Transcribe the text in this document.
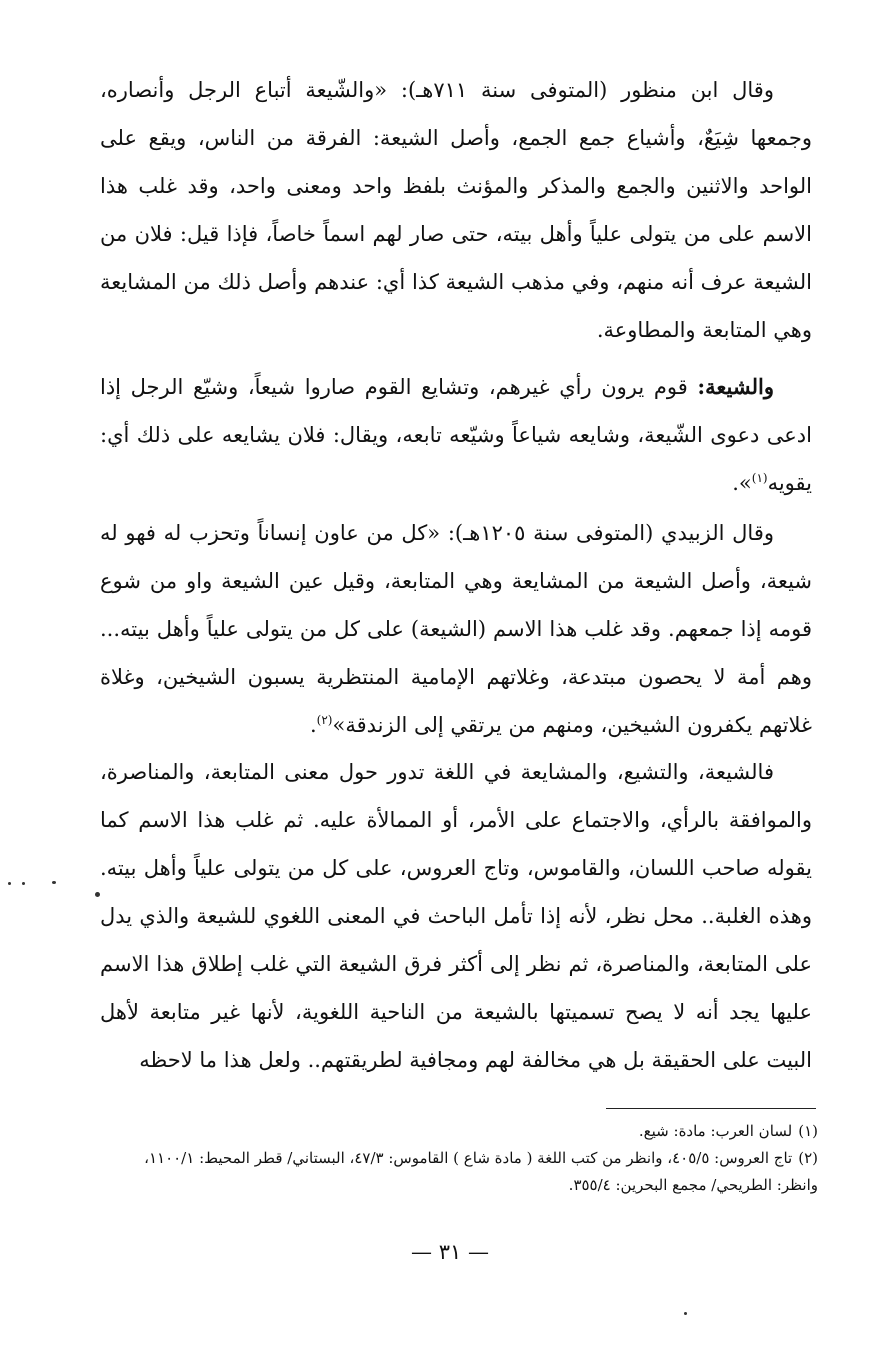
وقال ابن منظور (المتوفى سنة ٧١١هـ): «والشّيعة أتباع الرجل وأنصاره، وجمعها شِيَعٌ، وأشياع جمع الجمع، وأصل الشيعة: الفرقة من الناس، ويقع على الواحد والاثنين والجمع والمذكر والمؤنث بلفظ واحد ومعنى واحد، وقد غلب هذا الاسم على من يتولى علياً وأهل بيته، حتى صار لهم اسماً خاصاً، فإذا قيل: فلان من الشيعة عرف أنه منهم، وفي مذهب الشيعة كذا أي: عندهم وأصل ذلك من المشايعة وهي المتابعة والمطاوعة.

والشيعة: قوم يرون رأي غيرهم، وتشايع القوم صاروا شيعاً، وشيّع الرجل إذا ادعى دعوى الشّيعة، وشايعه شياعاً وشيّعه تابعه، ويقال: فلان يشايعه على ذلك أي: يقويه$^{(١)}$».

وقال الزبيدي (المتوفى سنة ١٢٠٥هـ): «كل من عاون إنساناً وتحزب له فهو له شيعة، وأصل الشيعة من المشايعة وهي المتابعة، وقيل عين الشيعة واو من شوع قومه إذا جمعهم. وقد غلب هذا الاسم (الشيعة) على كل من يتولى علياً وأهل بيته... وهم أمة لا يحصون مبتدعة، وغلاتهم الإمامية المنتظرية يسبون الشيخين، وغلاة غلاتهم يكفرون الشيخين، ومنهم من يرتقي إلى الزندقة»$^{(٢)}$.

فالشيعة، والتشيع، والمشايعة في اللغة تدور حول معنى المتابعة، والمناصرة، والموافقة بالرأي، والاجتماع على الأمر، أو الممالأة عليه. ثم غلب هذا الاسم كما يقوله صاحب اللسان، والقاموس، وتاج العروس، على كل من يتولى علياً وأهل بيته. وهذه الغلبة.. محل نظر، لأنه إذا تأمل الباحث في المعنى اللغوي للشيعة والذي يدل على المتابعة، والمناصرة، ثم نظر إلى أكثر فرق الشيعة التي غلب إطلاق هذا الاسم عليها يجد أنه لا يصح تسميتها بالشيعة من الناحية اللغوية، لأنها غير متابعة لأهل البيت على الحقيقة بل هي مخالفة لهم ومجافية لطريقتهم.. ولعل هذا ما لاحظه

(١)لسان العرب: مادة: شيع.

(٢)تاج العروس: ٤٠٥/٥، وانظر من كتب اللغة ( مادة شاع ) القاموس: ٤٧/٣، البستاني/ قطر المحيط: ١١٠٠/١، وانظر: الطريحي/ مجمع البحرين: ٣٥٥/٤.

— ٣١ —
